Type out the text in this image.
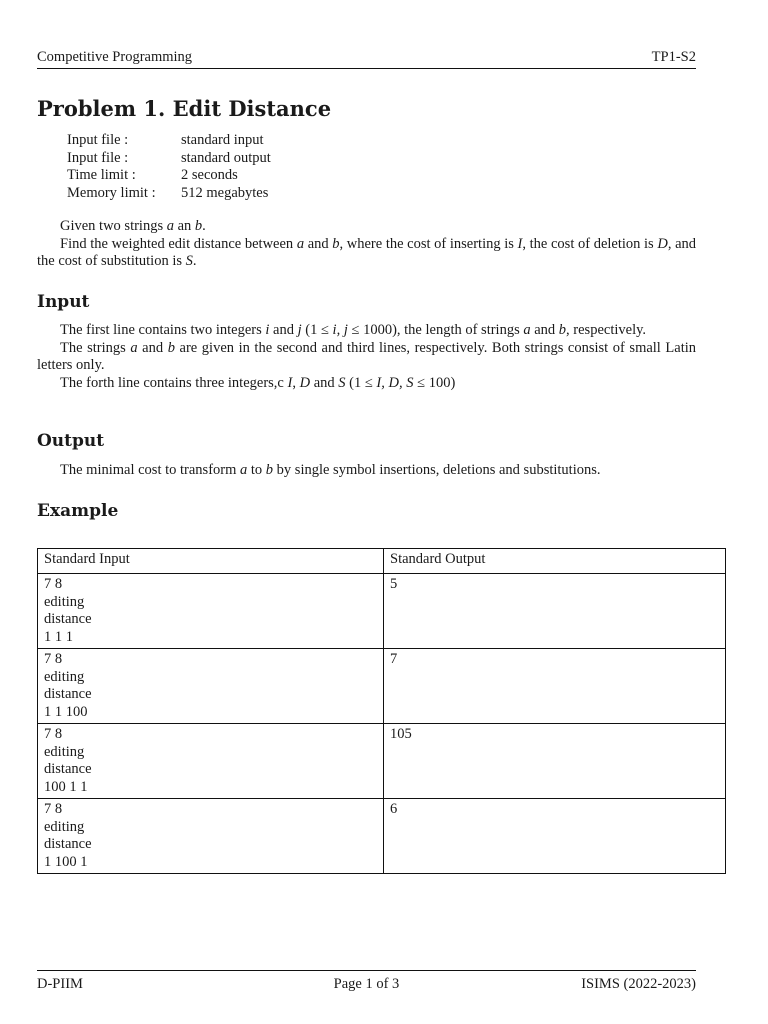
Competitive Programming	TP1-S2
Problem 1. Edit Distance
Input file :	standard input
Input file :	standard output
Time limit :	2 seconds
Memory limit : 512 megabytes
Given two strings a an b.
Find the weighted edit distance between a and b, where the cost of inserting is I, the cost of deletion is D, and the cost of substitution is S.
Input
The first line contains two integers i and j (1 ≤ i, j ≤ 1000), the length of strings a and b, respectively.
The strings a and b are given in the second and third lines, respectively. Both strings consist of small Latin letters only.
The forth line contains three integers,c I, D and S (1 ≤ I, D, S ≤ 100)
Output
The minimal cost to transform a to b by single symbol insertions, deletions and substitutions.
Example
Standard Input	Standard Output

7 8
editing
distance
1 1 1	5

7 8
editing
distance
1 1 100	7

7 8
editing
distance
100 1 1	105

7 8
editing
distance
1 100 1	6
D-PIIM	Page 1 of 3	ISIMS (2022-2023)
